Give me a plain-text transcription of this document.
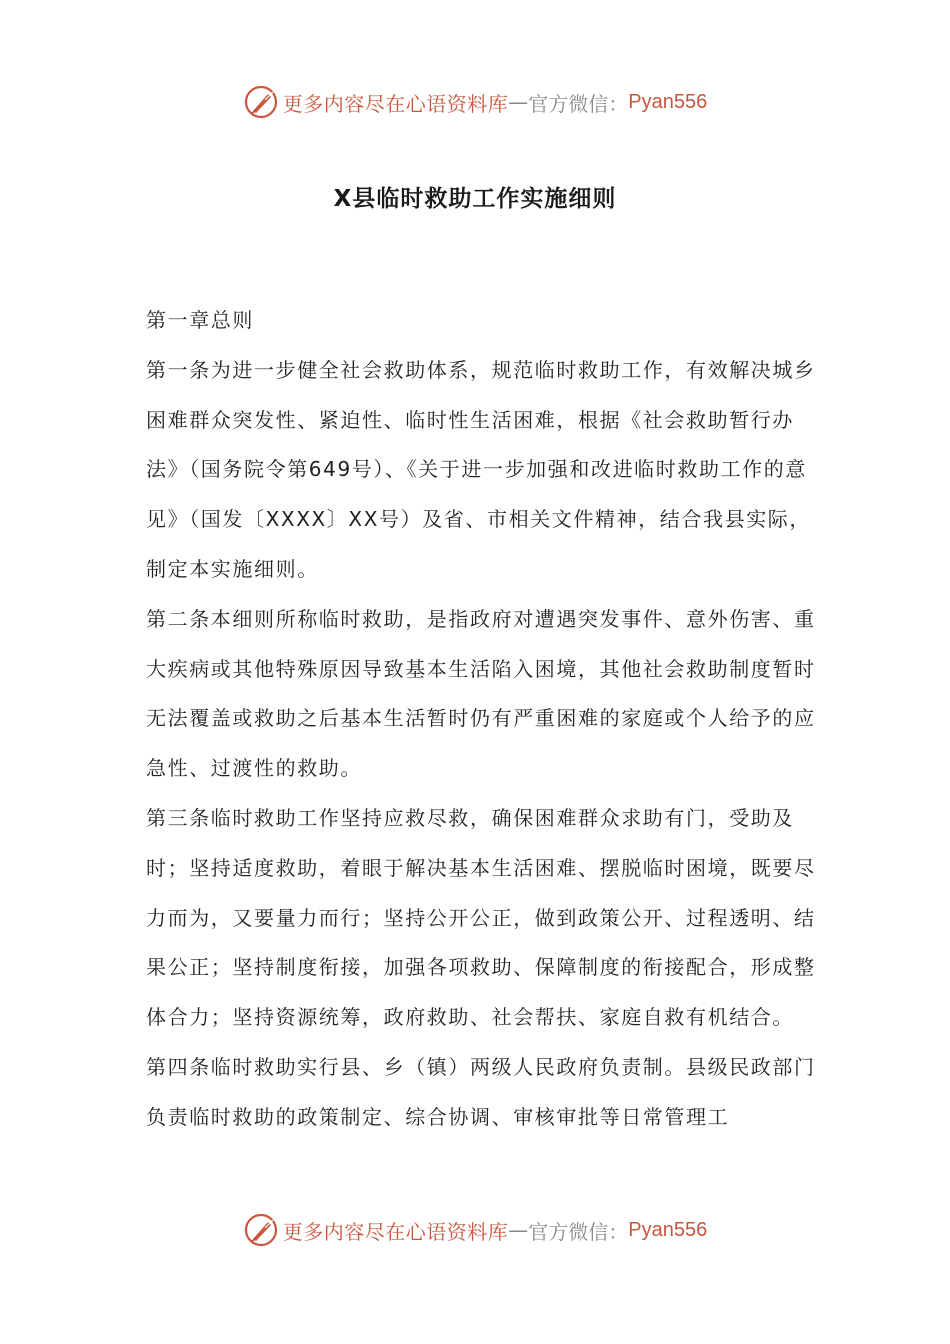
更多内容尽在心语资料库 — 官方微信： Pyan556
X县临时救助工作实施细则

第一章总则

第一条为进一步健全社会救助体系，规范临时救助工作，有效解决城乡困难群众突发性、紧迫性、临时性生活困难，根据《社会救助暂行办法》（国务院令第649号）、《关于进一步加强和改进临时救助工作的意见》（国发〔XXXX〕XX号）及省、市相关文件精神，结合我县实际，制定本实施细则。

第二条本细则所称临时救助，是指政府对遭遇突发事件、意外伤害、重大疾病或其他特殊原因导致基本生活陷入困境，其他社会救助制度暂时无法覆盖或救助之后基本生活暂时仍有严重困难的家庭或个人给予的应急性、过渡性的救助。

第三条临时救助工作坚持应救尽救，确保困难群众求助有门，受助及时；坚持适度救助，着眼于解决基本生活困难、摆脱临时困境，既要尽力而为，又要量力而行；坚持公开公正，做到政策公开、过程透明、结果公正；坚持制度衔接，加强各项救助、保障制度的衔接配合，形成整体合力；坚持资源统筹，政府救助、社会帮扶、家庭自救有机结合。

第四条临时救助实行县、乡（镇）两级人民政府负责制。县级民政部门负责临时救助的政策制定、综合协调、审核审批等日常管理工

更多内容尽在心语资料库 — 官方微信： Pyan556
